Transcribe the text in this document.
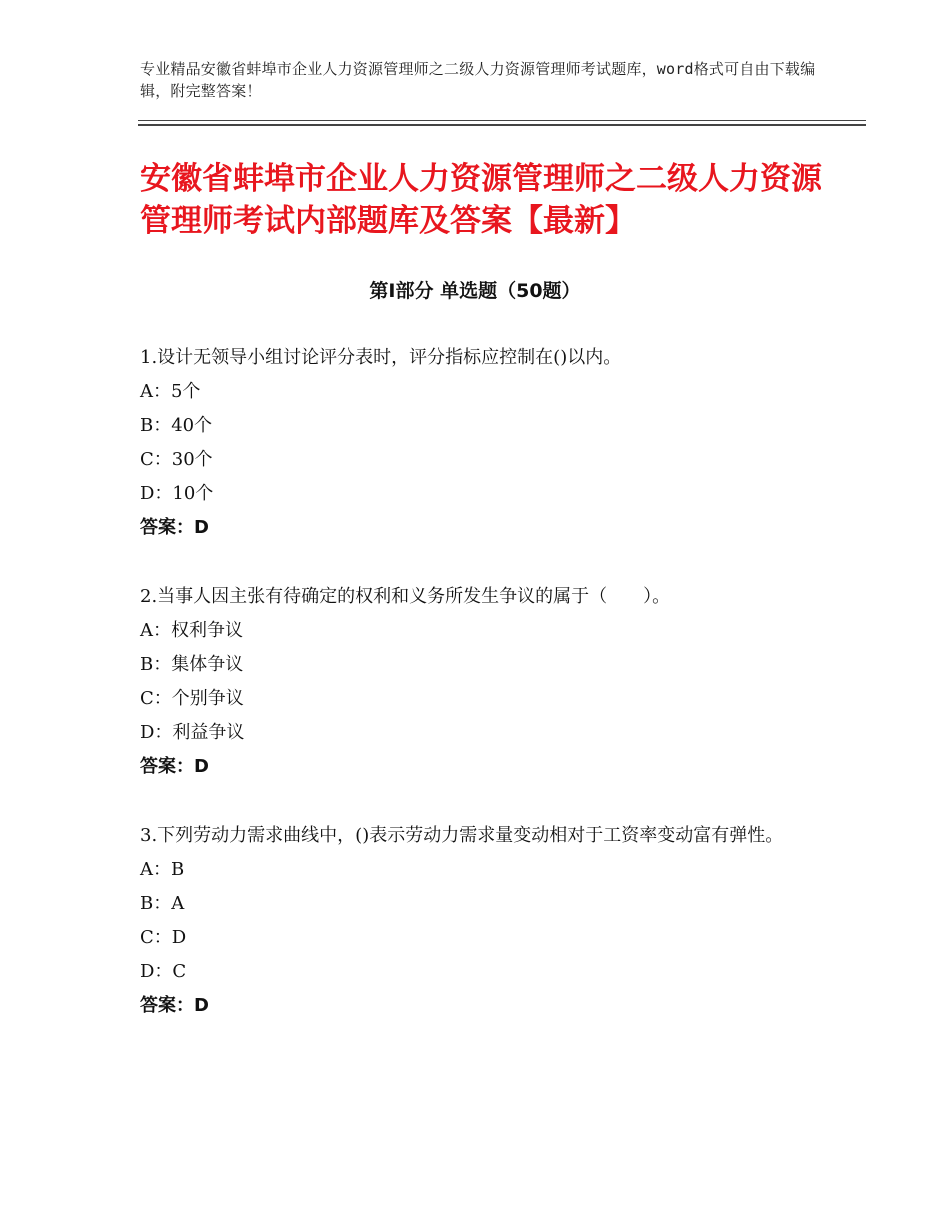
专业精品安徽省蚌埠市企业人力资源管理师之二级人力资源管理师考试题库，word格式可自由下载编辑，附完整答案！
安徽省蚌埠市企业人力资源管理师之二级人力资源管理师考试内部题库及答案【最新】
第Ⅰ部分 单选题（50题）
1.设计无领导小组讨论评分表时，评分指标应控制在()以内。
A：5个
B：40个
C：30个
D：10个
答案：D
2.当事人因主张有待确定的权利和义务所发生争议的属于（　　）。
A：权利争议
B：集体争议
C：个别争议
D：利益争议
答案：D
3.下列劳动力需求曲线中，()表示劳动力需求量变动相对于工资率变动富有弹性。
A：B
B：A
C：D
D：C
答案：D
